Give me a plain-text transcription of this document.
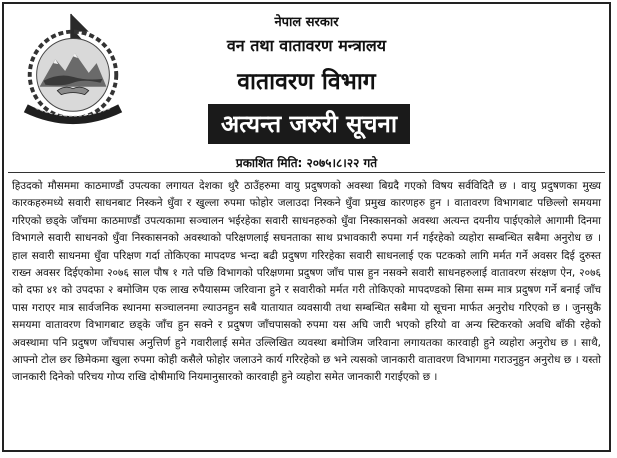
नेपाल सरकार
वन तथा वातावरण मन्त्रालय
वातावरण विभाग
अत्यन्त जरुरी सूचना
प्रकाशित मिति: २०७५।८।२२ गते

हिउदको मौसममा काठमाण्डौं उपत्यका लगायत देशका थुरै ठाउँहरुमा वायु प्रदुषणको अवस्था बिग्रदै गएको विषय सर्वविदितै छ । वायु प्रदुषणका मुख्य कारकहरुमध्ये सवारी साधनबाट निस्कने धुँवा र खुल्ला रुपमा फोहोर जलाउदा निस्कने धुँवा प्रमुख कारणहरु हुन । वातावरण विभागबाट पछिल्लो समयमा गरिएको छड्के जाँचमा काठमाण्डौं उपत्यकामा सञ्चालन भईरहेका सवारी साधनहरुको धुँवा निस्कासनको अवस्था अत्यन्त दयनीय पाईएकोले आगामी दिनमा विभागले सवारी साधनको धुँवा निस्कासनको अवस्थाको परिक्षणलाई सघनताका साथ प्रभावकारी रुपमा गर्न गईरहेको व्यहोरा सम्बन्धित सबैमा अनुरोध छ । हाल सवारी साधनमा धुँवा परिक्षण गर्दा तोकिएका मापदण्ड भन्दा बढी प्रदुषण गरिरहेका सवारी साधनलाई एक पटकको लागि मर्मत गर्ने अवसर दिई दुरुस्त राख्न अवसर दिईएकोमा २०७६ साल पौष १ गते पछि विभागको परिक्षणमा प्रदुषण जाँच पास हुन नसक्ने सवारी साधनहरुलाई वातावरण संरक्षण ऐन, २०७६ को दफा ४१ को उपदफा २ बमोजिम एक लाख रुपैयासम्म जरिवाना हुने र सवारीको मर्मत गरी तोकिएको मापदण्डको सिमा सम्म मात्र प्रदुषण गर्ने बनाई जाँच पास गराएर मात्र सार्वजनिक स्थानमा सञ्चालनमा ल्याउनहुन सबै यातायात व्यवसायी तथा सम्बन्धित सबैमा यो सूचना मार्फत अनुरोध गरिएको छ । जुनसुकै समयमा वातावरण विभागबाट छड्के जाँच हुन सक्ने र प्रदुषण जाँचपासको रुपमा यस अघि जारी भएको हरियो वा अन्य स्टिकरको अवधि बाँकी रहेको अवस्थामा पनि प्रदुषण जाँचपास अनुत्तिर्ण हुने गवारीलाई समेत उल्लिखित व्यवस्था बमोजिम जरिवाना लगायतका कारवाही हुने व्यहोरा अनुरोध छ । साथै, आफ्नो टोल छर छिमेकमा खुला रुपमा कोही कसैले फोहोर जलाउने कार्य गरिरहेको छ भने त्यसको जानकारी वातावरण विभागमा गराउनुहुन अनुरोध छ । यस्तो जानकारी दिनेको परिचय गोप्य राखि दोषीमाथि नियमानुसारको कारवाही हुने व्यहोरा समेत जानकारी गराईएको छ ।
